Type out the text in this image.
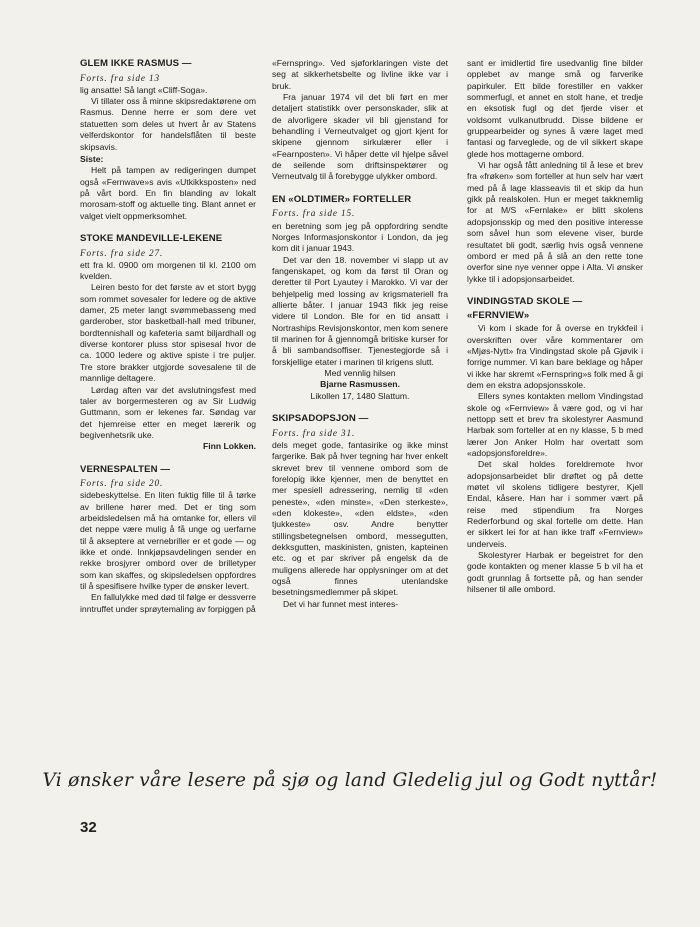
GLEM IKKE RASMUS —
Forts. fra side 13

lig ansatte! Så langt «Cliff-Soga».

Vi tillater oss å minne skipsredaktørene om Rasmus. Denne herre er som dere vet statuetten som deles ut hvert år av Statens velferdskontor for handelsflåten til beste skipsavis.

Siste:

Helt på tampen av redigeringen dumpet også «Fernwave»s avis «Utkikksposten» ned på vårt bord. En fin blanding av lokalt morosam-stoff og aktuelle ting. Blant annet er valget vielt oppmerksomhet.

STOKE MANDEVILLE-LEKENE
Forts. fra side 27.

ett fra kl. 0900 om morgenen til kl. 2100 om kvelden.

Leiren besto for det første av et stort bygg som rommet sovesaler for ledere og de aktive damer, 25 meter langt svømmebasseng med garderober, stor basketball-hall med tribuner, bordtennishall og kafeteria samt biljardhall og diverse kontorer pluss stor spisesal hvor de ca. 1000 ledere og aktive spiste i tre puljer. Tre store brakker utgjorde sovesalene til de mannlige deltagere.

Lørdag aften var det avslutningsfest med taler av borgermesteren og av Sir Ludwig Guttmann, som er lekenes far. Søndag var det hjemreise etter en meget lærerik og begivenhetsrik uke.

Finn Lokken.

VERNESPALTEN —
Forts. fra side 20.

sidebeskyttelse. En liten fuktig fille til å tørke av brillene hører med. Det er ting som arbeidsledelsen må ha omtanke for, ellers vil det neppe være mulig å få unge og uerfarne til å akseptere at vernebriller er et gode — og ikke et onde. Innkjøpsavdelingen sender en rekke brosjyrer ombord over de brilletyper som kan skaffes, og skipsledelsen oppfordres til å spesifisere hvilke typer de ønsker levert.

En fallulykke med død til følge er dessverre inntruffet under sprøytemaling av forpiggen på

«Fernspring». Ved sjøforklaringen viste det seg at sikkerhetsbelte og livline ikke var i bruk.

Fra januar 1974 vil det bli ført en mer detaljert statistikk over personskader, slik at de alvorligere skader vil bli gjenstand for behandling i Verneutvalget og gjort kjent for skipene gjennom sirkulærer eller i «Fearnposten». Vi håper dette vil hjelpe såvel de seilende som driftsinspektører og Verneutvalg til å forebygge ulykker ombord.

EN «OLDTIMER» FORTELLER
Forts. fra side 15.

en beretning som jeg på oppfordring sendte Norges Informasjonskontor i London, da jeg kom dit i januar 1943.

Det var den 18. november vi slapp ut av fangenskapet, og kom da først til Oran og deretter til Port Lyautey i Marokko. Vi var der behjelpelig med lossing av krigsmateriell fra allierte båter. I januar 1943 fikk jeg reise videre til London. Ble for en tid ansatt i Nortraships Revisjonskontor, men kom senere til marinen for å gjennomgå britiske kurser for å bli sambandsoffiser. Tjenestegjorde så i forskjellige etater i marinen til krigens slutt.

Med vennlig hilsen

Bjarne Rasmussen.

Likollen 17, 1480 Slattum.

SKIPSADOPSJON —
Forts. fra side 31.

dels meget gode, fantasirike og ikke minst fargerike. Bak på hver tegning har hver enkelt skrevet brev til vennene ombord som de forelopig ikke kjenner, men de benyttet en mer spesiell adressering, nemlig til «den peneste», «den minste», «Den sterkeste», «den klokeste», «den eldste», «den tjukkeste» osv. Andre benytter stillingsbetegnelsen ombord, messegutten, dekksgutten, maskinisten, gnisten, kapteinen etc. og et par skriver på engelsk da de muligens allerede har opplysninger om at det også finnes utenlandske besetningsmedlemmer på skipet.

Det vi har funnet mest interes-

sant er imidlertid fire usedvanlig fine bilder opplebet av mange små og farverike papirkuler. Ett bilde forestiller en vakker sommerfugl, et annet en stolt hane, et tredje en eksotisk fugl og det fjerde viser et voldsomt vulkanutbrudd. Disse bildene er gruppearbeider og synes å være laget med fantasi og farveglede, og de vil sikkert skape glede hos mottagerne ombord.

Vi har også fått anledning til å lese et brev fra «frøken» som forteller at hun selv har vært med på å lage klasseavis til et skip da hun gikk på realskolen. Hun er meget takknemlig for at M/S «Fernlake» er blitt skolens adopsjonsskip og med den positive interesse som såvel hun som elevene viser, burde resultatet bli godt, særlig hvis også vennene ombord er med på å slå an den rette tone overfor sine nye venner oppe i Alta. Vi ønsker lykke til i adopsjonsarbeidet.

VINDINGSTAD SKOLE —
«FERNVIEW»

Vi kom i skade for å overse en trykkfeil i overskriften over våre kommentarer om «Mjøs-Nytt» fra Vindingstad skole på Gjøvik i forrige nummer. Vi kan bare beklage og håper vi ikke har skremt «Fernspring»s folk med å gi dem en ekstra adopsjonsskole.

Ellers synes kontakten mellom Vindingstad skole og «Fernview» å være god, og vi har nettopp sett et brev fra skolestyrer Aasmund Harbak som forteller at en ny klasse, 5 b med lærer Jon Anker Holm har overtatt som «adopsjonsforeldre».

Det skal holdes foreldremote hvor adopsjonsarbeidet blir drøftet og på dette møtet vil skolens tidligere bestyrer, Kjell Endal, kåsere. Han har i sommer vært på reise med stipendium fra Norges Rederforbund og skal fortelle om dette. Han er sikkert lei for at han ikke traff «Fernview» underveis.

Skolestyrer Harbak er begeistret for den gode kontakten og mener klasse 5 b vil ha et godt grunnlag å fortsette på, og han sender hilsener til alle ombord.

Vi ønsker våre lesere på sjø og land Gledelig jul og Godt nyttår!
32
